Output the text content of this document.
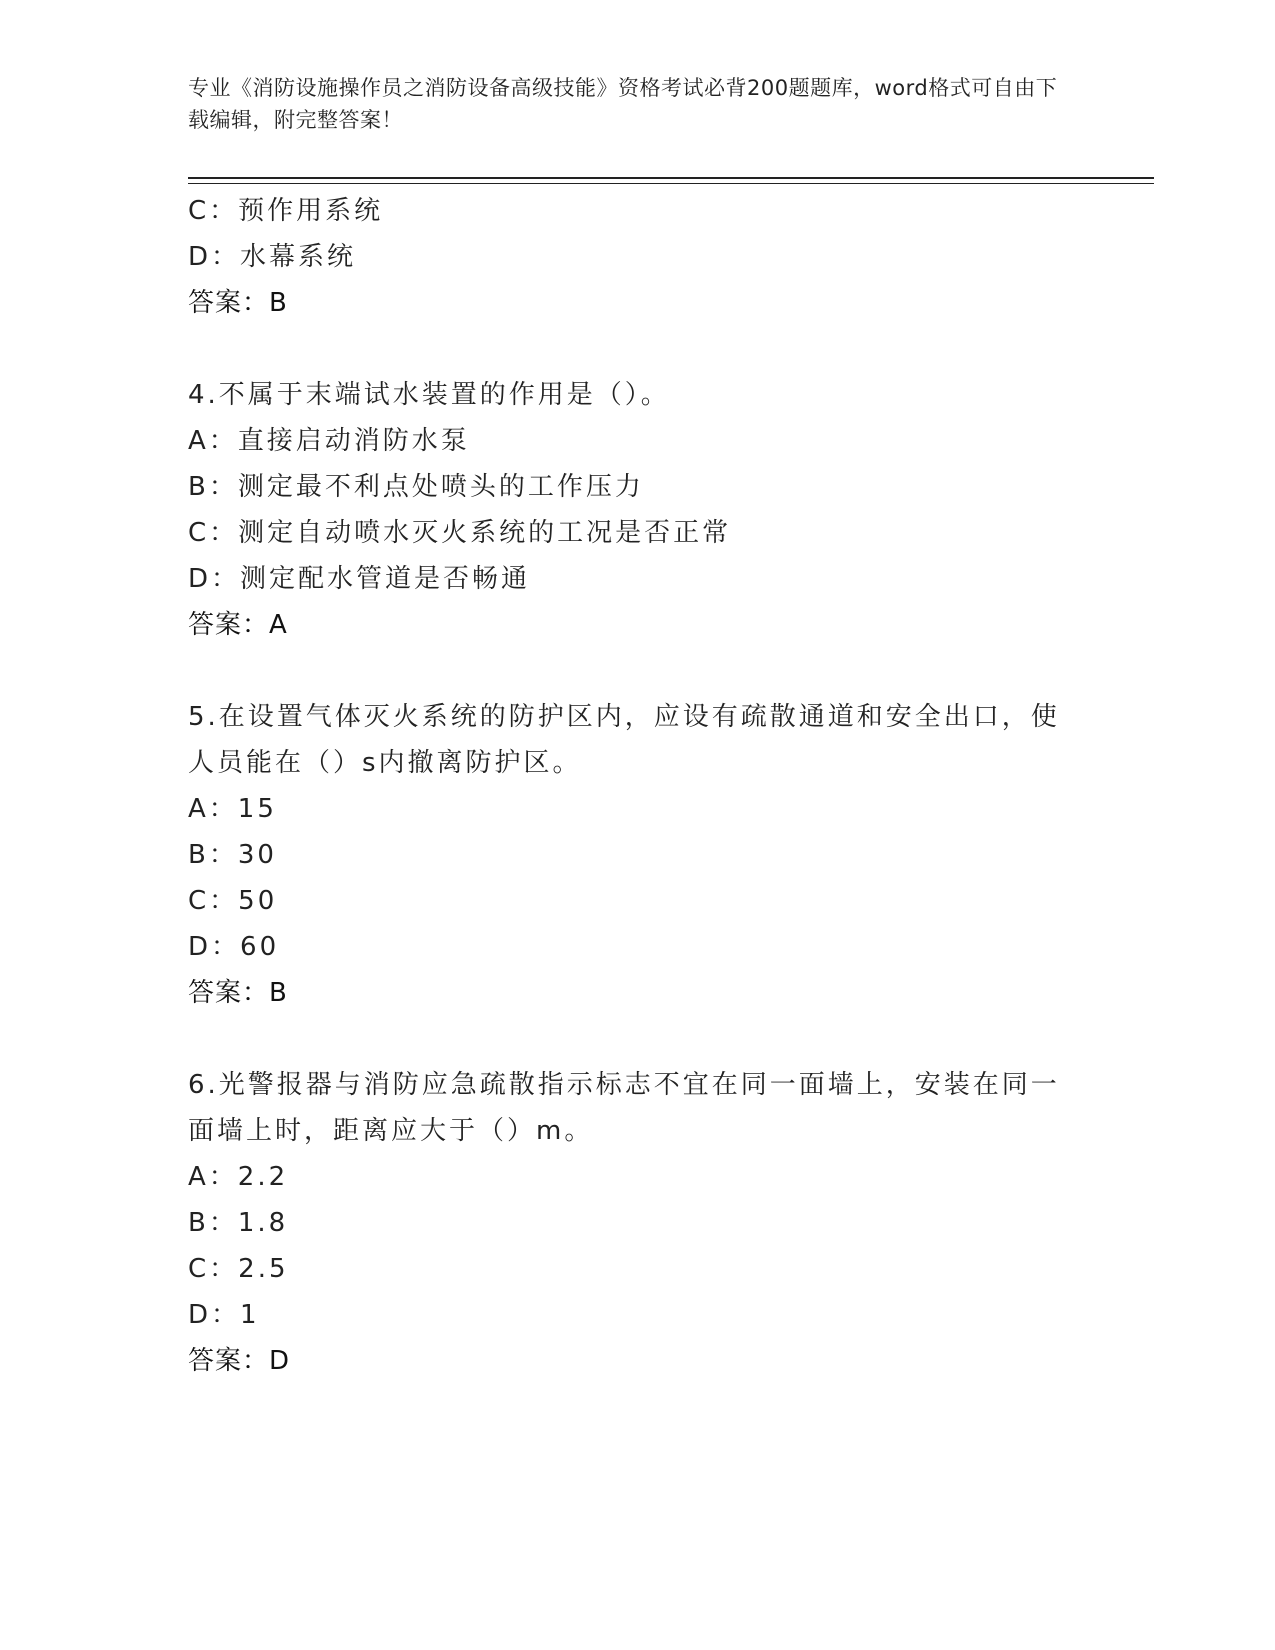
专业《消防设施操作员之消防设备高级技能》资格考试必背200题题库，word格式可自由下载编辑，附完整答案！
C：预作用系统
D：水幕系统
答案：B
4.不属于末端试水装置的作用是（）。
A：直接启动消防水泵
B：测定最不利点处喷头的工作压力
C：测定自动喷水灭火系统的工况是否正常
D：测定配水管道是否畅通
答案：A
5.在设置气体灭火系统的防护区内，应设有疏散通道和安全出口，使人员能在（）s内撤离防护区。
A：15
B：30
C：50
D：60
答案：B
6.光警报器与消防应急疏散指示标志不宜在同一面墙上，安装在同一面墙上时，距离应大于（）m。
A：2.2
B：1.8
C：2.5
D：1
答案：D
